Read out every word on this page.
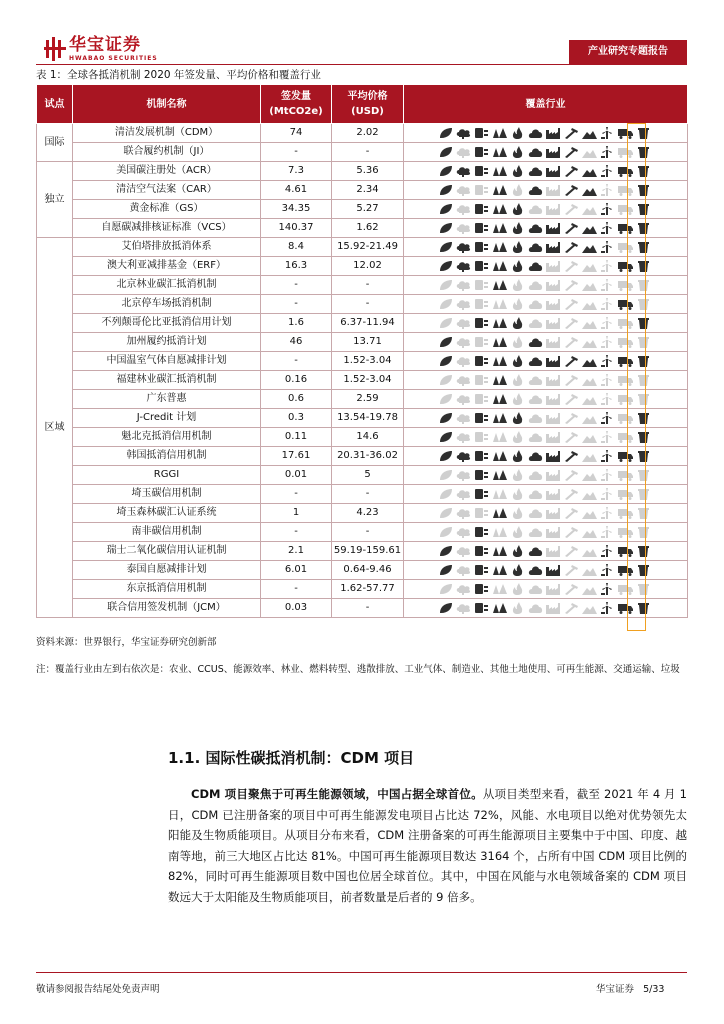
华宝证券
HWABAO SECURITIES
产业研究专题报告
表 1：全球各抵消机制 2020 年签发量、平均价格和覆盖行业
试点	机制名称	签发量
(MtCO2e)	平均价格
(USD)	覆盖行业
国际	清洁发展机制（CDM）	74	2.02	

	联合履约机制（JI）	-	-	

独立	美国碳注册处（ACR）	7.3	5.36	

	清洁空气法案（CAR）	4.61	2.34	

	黄金标准（GS）	34.35	5.27	

	自愿碳减排核证标准（VCS）	140.37	1.62	

区域	艾伯塔排放抵消体系	8.4	15.92-21.49	

	澳大利亚减排基金（ERF）	16.3	12.02	

	北京林业碳汇抵消机制	-	-	

	北京停车场抵消机制	-	-	

	不列颠哥伦比亚抵消信用计划	1.6	6.37-11.94	

	加州履约抵消计划	46	13.71	

	中国温室气体自愿减排计划	-	1.52-3.04	

	福建林业碳汇抵消机制	0.16	1.52-3.04	

	广东普惠	0.6	2.59	

	J-Credit 计划	0.3	13.54-19.78	

	魁北克抵消信用机制	0.11	14.6	

	韩国抵消信用机制	17.61	20.31-36.02	

	RGGI	0.01	5	

	埼玉碳信用机制	-	-	

	埼玉森林碳汇认证系统	1	4.23	

	南非碳信用机制	-	-	

	瑞士二氧化碳信用认证机制	2.1	59.19-159.61	

	泰国自愿减排计划	6.01	0.64-9.46	

	东京抵消信用机制	-	1.62-57.77	

	联合信用签发机制（JCM）	0.03	-	
资料来源：世界银行，华宝证券研究创新部
注：覆盖行业由左到右依次是：农业、CCUS、能源效率、林业、燃料转型、逃散排放、工业气体、制造业、其他土地使用、可再生能源、交通运输、垃圾
1.1. 国际性碳抵消机制：CDM 项目
CDM 项目聚焦于可再生能源领域，中国占据全球首位。从项目类型来看，截至 2021 年 4 月 1 日，CDM 已注册备案的项目中可再生能源发电项目占比达 72%，风能、水电项目以绝对优势领先太阳能及生物质能项目。从项目分布来看，CDM 注册备案的可再生能源项目主要集中于中国、印度、越南等地，前三大地区占比达 81%。中国可再生能源项目数达 3164 个，占所有中国 CDM 项目比例的 82%，同时可再生能源项目数中国也位居全球首位。其中，中国在风能与水电领域备案的 CDM 项目数远大于太阳能及生物质能项目，前者数量是后者的 9 倍多。
敬请参阅报告结尾处免责声明	华宝证券 5/33
